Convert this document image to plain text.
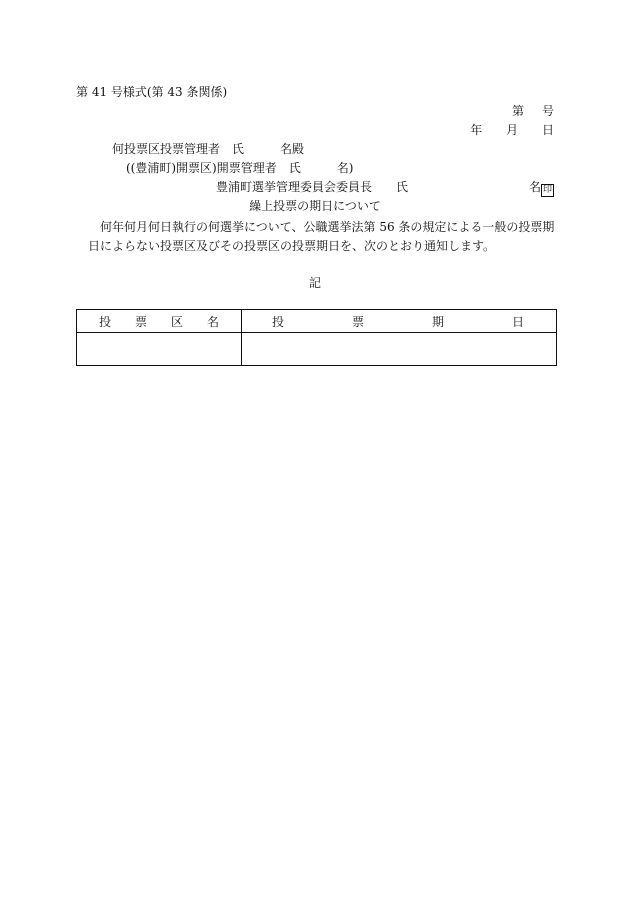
第 41 号様式(第 43 条関係)
第号
年 月 日
何投票区投票管理者　氏　　　名殿
((豊浦町)開票区)開票管理者　氏　　　名)
豊浦町選挙管理委員会委員長　　氏	名 印
繰上投票の期日について
何年何月何日執行の何選挙について、公職選挙法第 56 条の規定による一般の投票期日によらない投票区及びその投票区の投票期日を、次のとおり通知します。
記
投 票 区 名	投 票 期 日
